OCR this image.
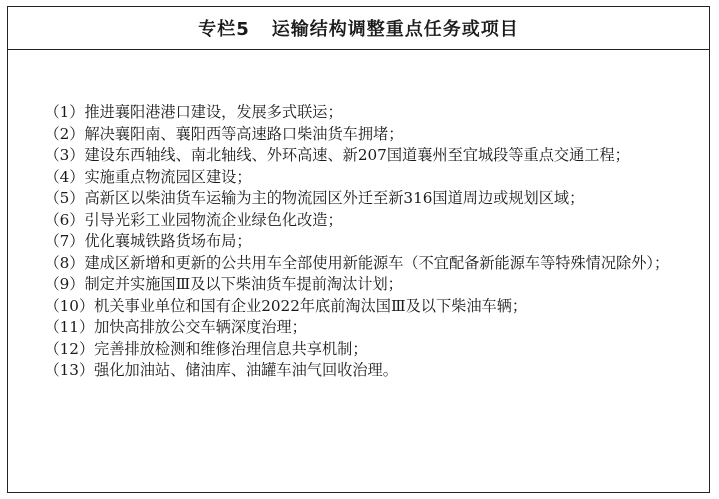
专栏5 运输结构调整重点任务或项目

（1）推进襄阳港港口建设，发展多式联运；

（2）解决襄阳南、襄阳西等高速路口柴油货车拥堵；

（3）建设东西轴线、南北轴线、外环高速、新207国道襄州至宜城段等重点交通工程；

（4）实施重点物流园区建设；

（5）高新区以柴油货车运输为主的物流园区外迁至新316国道周边或规划区域；

（6）引导光彩工业园物流企业绿色化改造；

（7）优化襄城铁路货场布局；

（8）建成区新增和更新的公共用车全部使用新能源车（不宜配备新能源车等特殊情况除外）；

（9）制定并实施国Ⅲ及以下柴油货车提前淘汰计划；

（10）机关事业单位和国有企业2022年底前淘汰国Ⅲ及以下柴油车辆；

（11）加快高排放公交车辆深度治理；

（12）完善排放检测和维修治理信息共享机制；

（13）强化加油站、储油库、油罐车油气回收治理。
